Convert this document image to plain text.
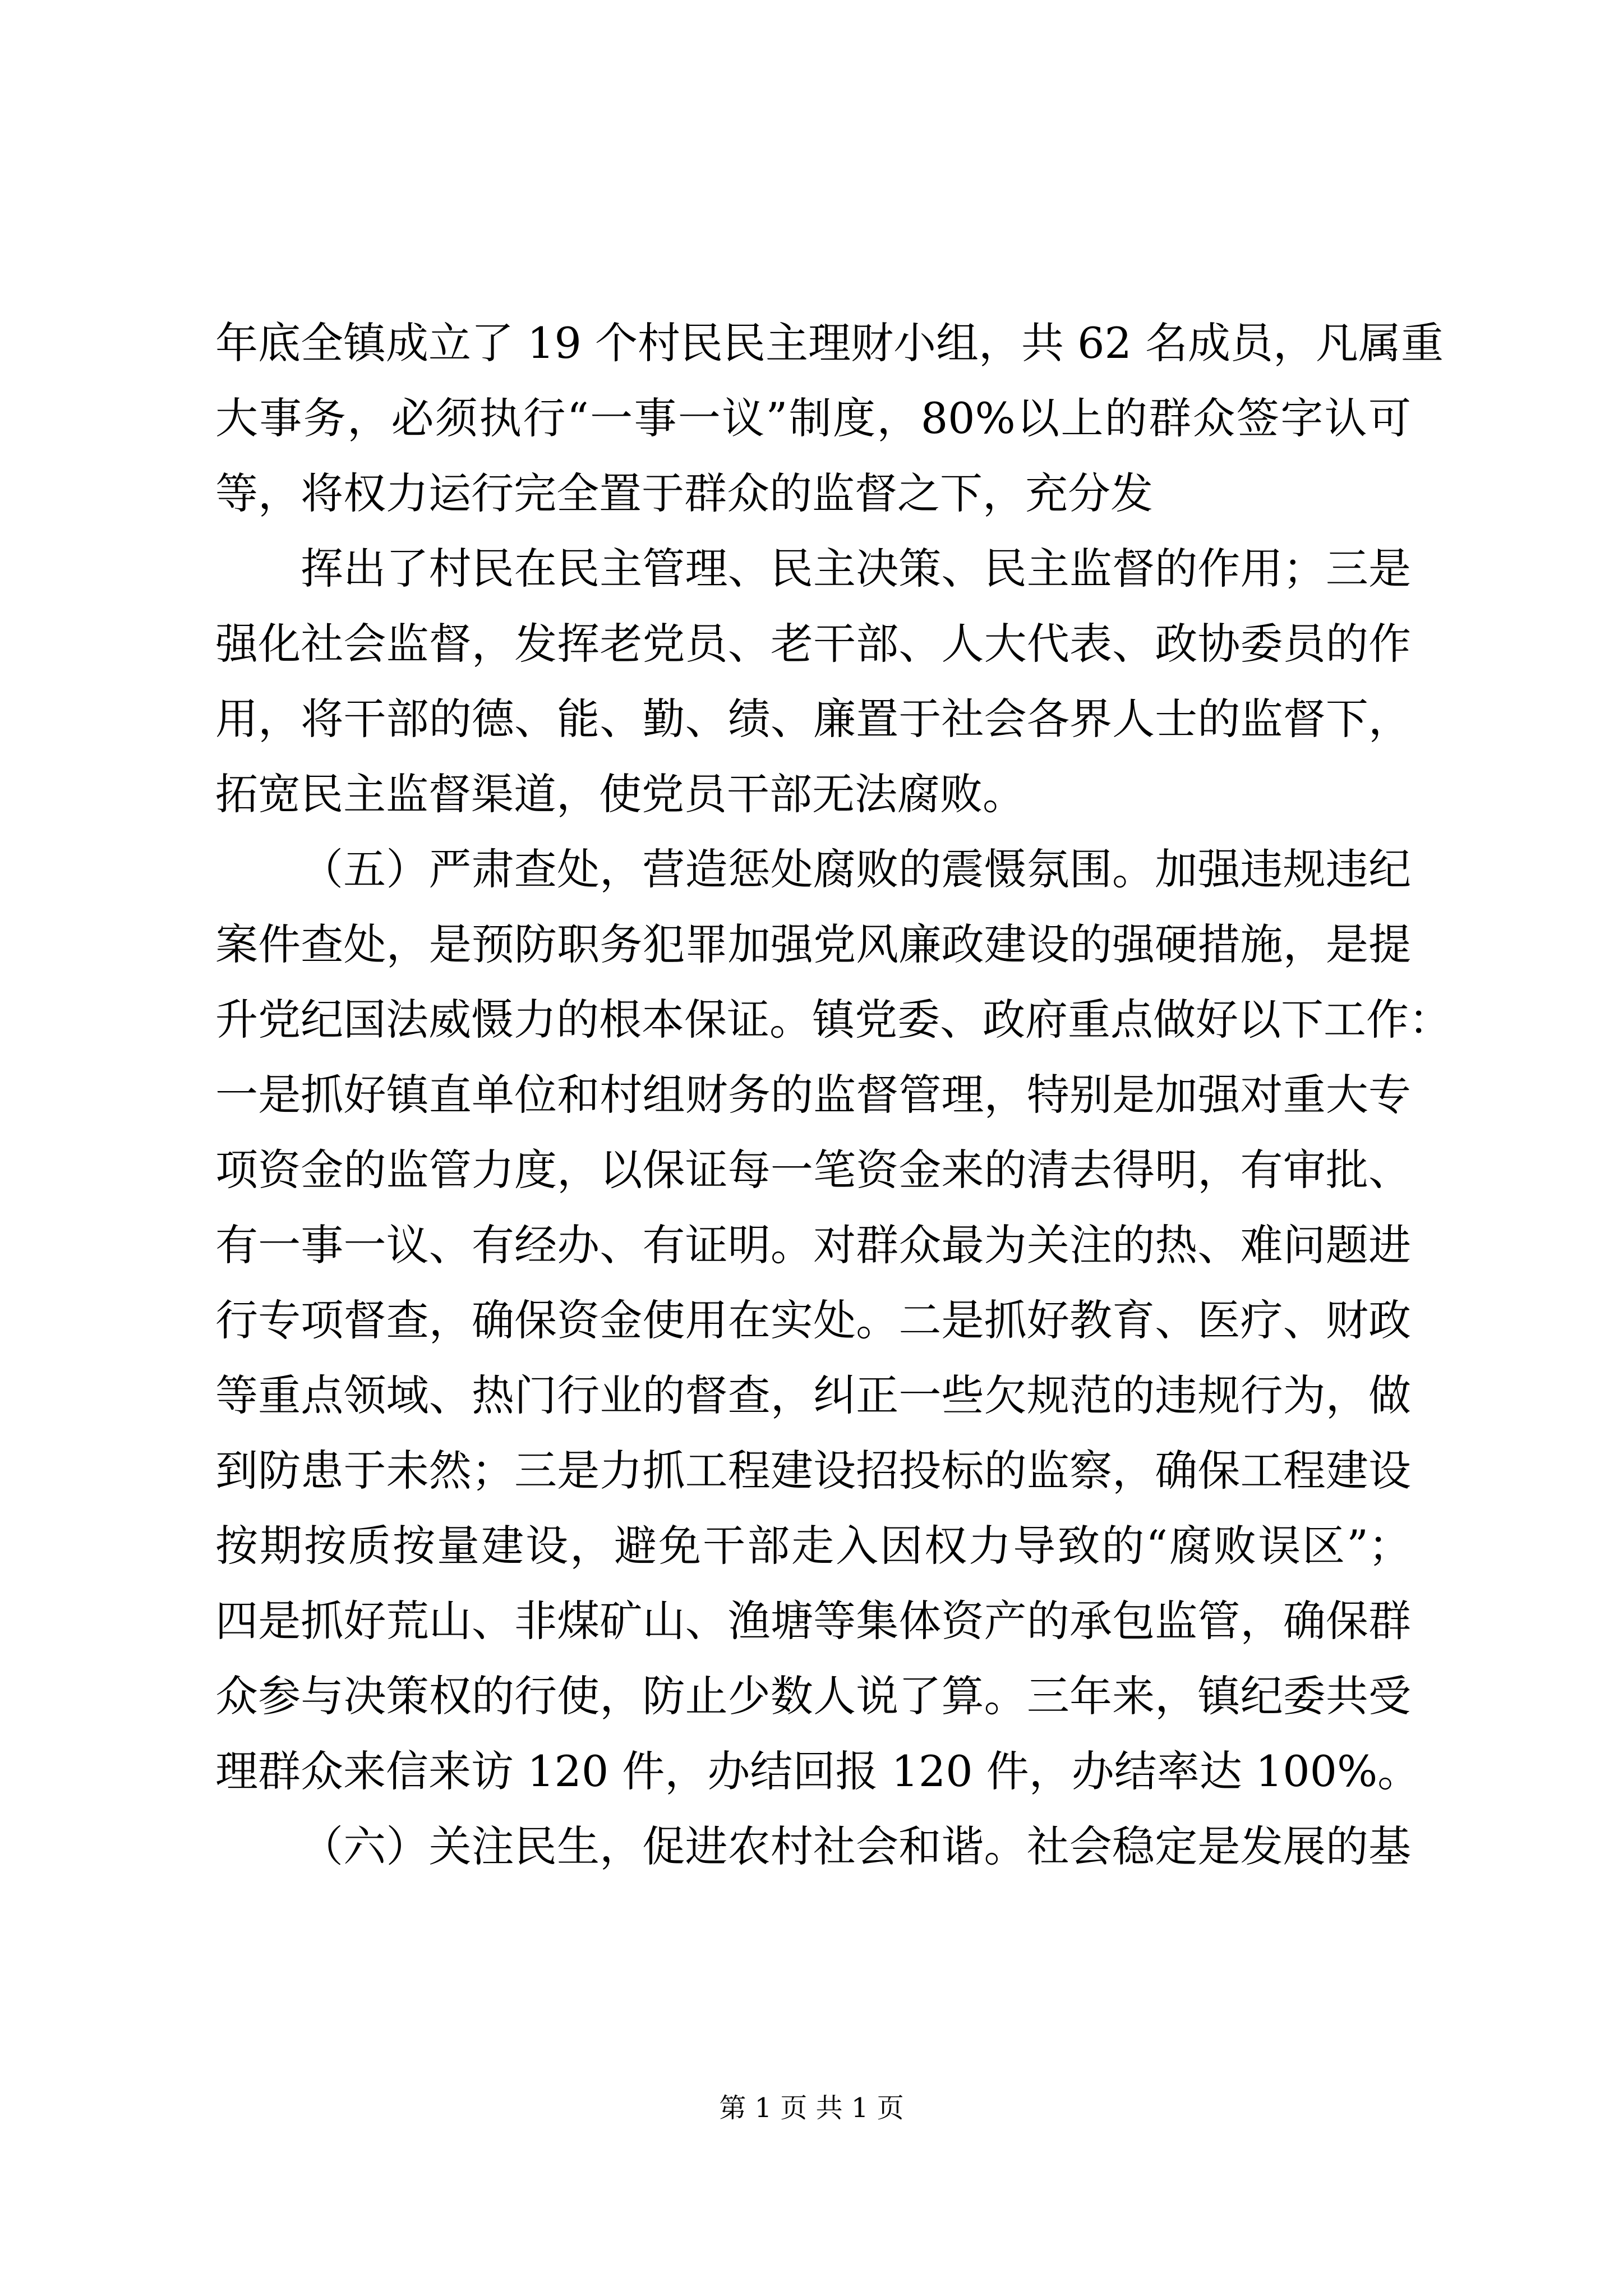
年底全镇成立了 19 个村民民主理财小组，共 62 名成员，凡属重
大事务，必须执行“一事一议”制度，80%以上的群众签字认可
等，将权力运行完全置于群众的监督之下，充分发
挥出了村民在民主管理、民主决策、民主监督的作用；三是
强化社会监督，发挥老党员、老干部、人大代表、政协委员的作
用，将干部的德、能、勤、绩、廉置于社会各界人士的监督下，
拓宽民主监督渠道，使党员干部无法腐败。
（五）严肃查处，营造惩处腐败的震慑氛围。加强违规违纪
案件查处，是预防职务犯罪加强党风廉政建设的强硬措施，是提
升党纪国法威慑力的根本保证。镇党委、政府重点做好以下工作：
一是抓好镇直单位和村组财务的监督管理，特别是加强对重大专
项资金的监管力度，以保证每一笔资金来的清去得明，有审批、
有一事一议、有经办、有证明。对群众最为关注的热、难问题进
行专项督查，确保资金使用在实处。二是抓好教育、医疗、财政
等重点领域、热门行业的督查，纠正一些欠规范的违规行为，做
到防患于未然；三是力抓工程建设招投标的监察，确保工程建设
按期按质按量建设，避免干部走入因权力导致的“腐败误区”；
四是抓好荒山、非煤矿山、渔塘等集体资产的承包监管，确保群
众参与决策权的行使，防止少数人说了算。三年来，镇纪委共受
理群众来信来访 120 件，办结回报 120 件，办结率达 100%。
（六）关注民生，促进农村社会和谐。社会稳定是发展的基
第 1 页 共 1 页
